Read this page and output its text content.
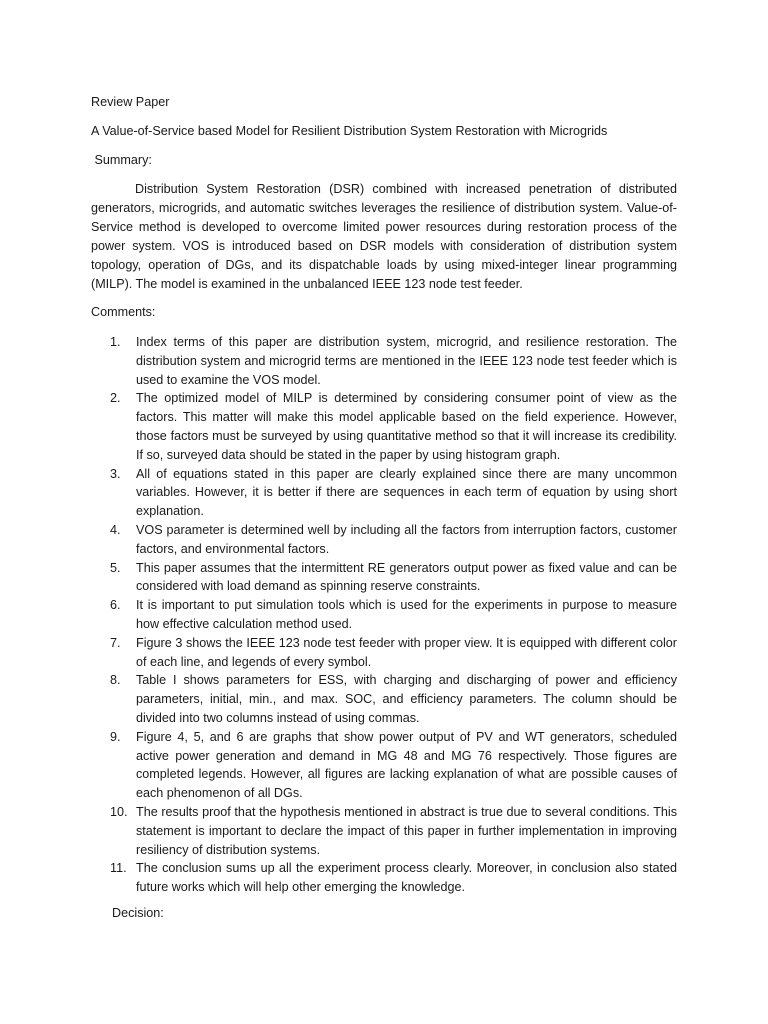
Review Paper
A Value-of-Service based Model for Resilient Distribution System Restoration with Microgrids
Summary:
Distribution System Restoration (DSR) combined with increased penetration of distributed generators, microgrids, and automatic switches leverages the resilience of distribution system. Value-of-Service method is developed to overcome limited power resources during restoration process of the power system. VOS is introduced based on DSR models with consideration of distribution system topology, operation of DGs, and its dispatchable loads by using mixed-integer linear programming (MILP). The model is examined in the unbalanced IEEE 123 node test feeder.
Comments:
1. Index terms of this paper are distribution system, microgrid, and resilience restoration. The distribution system and microgrid terms are mentioned in the IEEE 123 node test feeder which is used to examine the VOS model.
2. The optimized model of MILP is determined by considering consumer point of view as the factors. This matter will make this model applicable based on the field experience. However, those factors must be surveyed by using quantitative method so that it will increase its credibility. If so, surveyed data should be stated in the paper by using histogram graph.
3. All of equations stated in this paper are clearly explained since there are many uncommon variables. However, it is better if there are sequences in each term of equation by using short explanation.
4. VOS parameter is determined well by including all the factors from interruption factors, customer factors, and environmental factors.
5. This paper assumes that the intermittent RE generators output power as fixed value and can be considered with load demand as spinning reserve constraints.
6. It is important to put simulation tools which is used for the experiments in purpose to measure how effective calculation method used.
7. Figure 3 shows the IEEE 123 node test feeder with proper view. It is equipped with different color of each line, and legends of every symbol.
8. Table I shows parameters for ESS, with charging and discharging of power and efficiency parameters, initial, min., and max. SOC, and efficiency parameters. The column should be divided into two columns instead of using commas.
9. Figure 4, 5, and 6 are graphs that show power output of PV and WT generators, scheduled active power generation and demand in MG 48 and MG 76 respectively. Those figures are completed legends. However, all figures are lacking explanation of what are possible causes of each phenomenon of all DGs.
10. The results proof that the hypothesis mentioned in abstract is true due to several conditions. This statement is important to declare the impact of this paper in further implementation in improving resiliency of distribution systems.
11. The conclusion sums up all the experiment process clearly. Moreover, in conclusion also stated future works which will help other emerging the knowledge.
Decision:
